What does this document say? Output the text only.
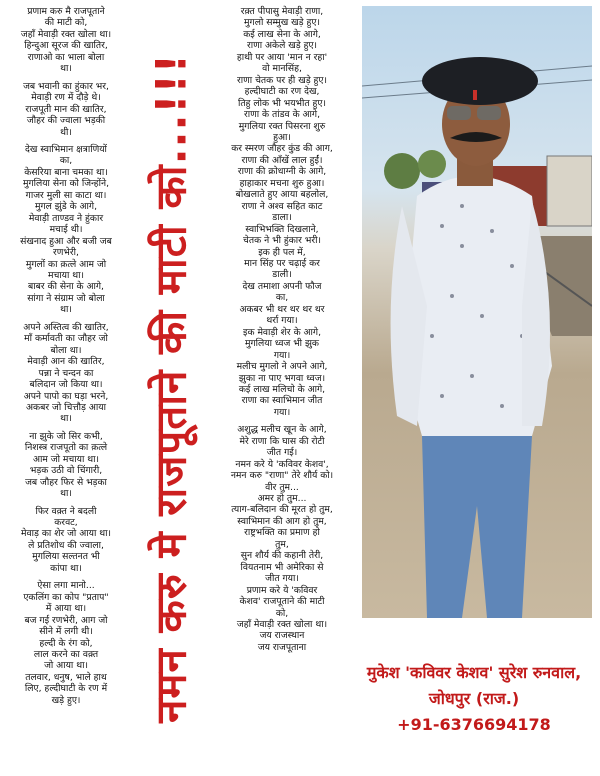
प्रणाम करु मै राजपूताने
की माटी को,
जहाँ मेवाड़ी रक्त खोला था।
हिन्दुआ सूरज की खातिर,
राणाओ का भाला बोला
था।
जब भवानी का हुंकार भर,
मेवाड़ी रण में दौड़े थे।
राजपूती मान की खातिर,
जौहर की ज्वाला भड़की
थी।
देख स्वाभिमान क्षत्राणियों
का,
केसरिया बाना चमका था।
मुगलिया सेना को जिन्होंने,
गाजर मुली सा काटा था।
मुगल झुंडे के आगे,
मेवाड़ी ताण्डव ने हुंकार
मचाई थी।
संखनाद हुआ और बजी जब
रणभेरी,
मुगलों का क़त्ले आम जो
मचाया था।
बाबर की सेना के आगे,
सांगा ने संग्राम जो बोला
था।
अपने अस्तित्व की खातिर,
माँ कर्मावती का जौहर जो
बोला था।
मेवाड़ी आन की खातिर,
पन्ना ने चन्दन का
बलिदान जो किया था।
अपने पापो का घड़ा भरने,
अकबर जो चित्तौड़ आया
था।
ना झुके जो सिर कभी,
निशस्त्र राजपूतो का क़त्ले
आम जो मचाया था।
भड़क उठी वो चिंगारी,
जब जौहर फिर से भड़का
था।
फिर वक़्त ने बदली
करवट,
मेवाड़ का शेर जो आया था।
ले प्रतिशोध की ज्वाला,
मुगलिया सल्तनत भी
कांपा था।
ऐसा लगा मानो...
एकलिंग का कोप "प्रताप"
में आया था।
बज गई रणभेरी, आग जो
सीने में लगी थी।
हल्दी के रंग को,
लाल करने का वक़्त
जो आया था।
तलवार, धनुष, भाले हाथ
लिए, हल्दीघाटी के रण में
खड़े हुए।	नमन करु मे राजपूताने की माटी को...!!!
रक़्त पीपासु मेवाड़ी राणा,
मुगलो सम्मुख खड़े हुए।
कई लाख सेना के आगे,
राणा अकेले खड़े हुए।
हाथी पर आया 'मान न रहा'
वो मानसिंह,
राणा चेतक पर ही खड़े हुए।
हल्दीघाटी का रण देख,
तिहु लोक भी भयभीत हुए।
राणा के तांडव के आगे,
मुगलिया रक्त पिसरना शुरु
हुआ।
कर स्मरण जौहर कुंड की आग,
राणा की आँखें लाल हुईं।
राणा की क्रोधाग्नी के आगे,
हाहाकार मचना शुरु हुआ।
बोखलाते हुए आया बहलोल,
राणा ने अश्व सहित काट
डाला।
स्वाभिभक्ति दिखलाने,
चेतक ने भी हुंकार भरी।
इक ही पल में,
मान सिंह पर चढ़ाई कर
डाली।
देख तमाशा अपनी फौज
का,
अकबर भी थर थर थर थर
थर्रा गया।
इक मेवाड़ी शेर के आगे,
मुगलिया ध्वज भी झुक
गया।
मलीच मुगलो ने अपने आगे,
झुका ना पाए भगवा ध्वज।
कई लाख मलिचो के आगे,
राणा का स्वाभिमान जीत
गया।
अशुद्ध मलीच खून के आगे,
मेरे राणा कि घास की रोटी
जीत गई।
नमन करे ये 'कविवर केशव',
नमन करु "राणा" तेरे शौर्य को।
वीर तुम...
अमर हो तुम...
त्याग-बलिदान की मूरत हो तुम,
स्वाभिमान की आग हो तुम,
राष्ट्रभक्ति का प्रमाण हो
तुम,
सुन शौर्य की कहानी तेरी,
वियतनाम भी अमेरिका से
जीत गया।
प्रणाम करे ये 'कविवर
केशव' राजपूताने की माटी
को,
जहाँ मेवाड़ी रक्त खोला था।
जय राजस्थान
जय राजपूताना
मुकेश 'कविवर केशव' सुरेश रुनवाल,
जोधपुर (राज.)
+91-6376694178
